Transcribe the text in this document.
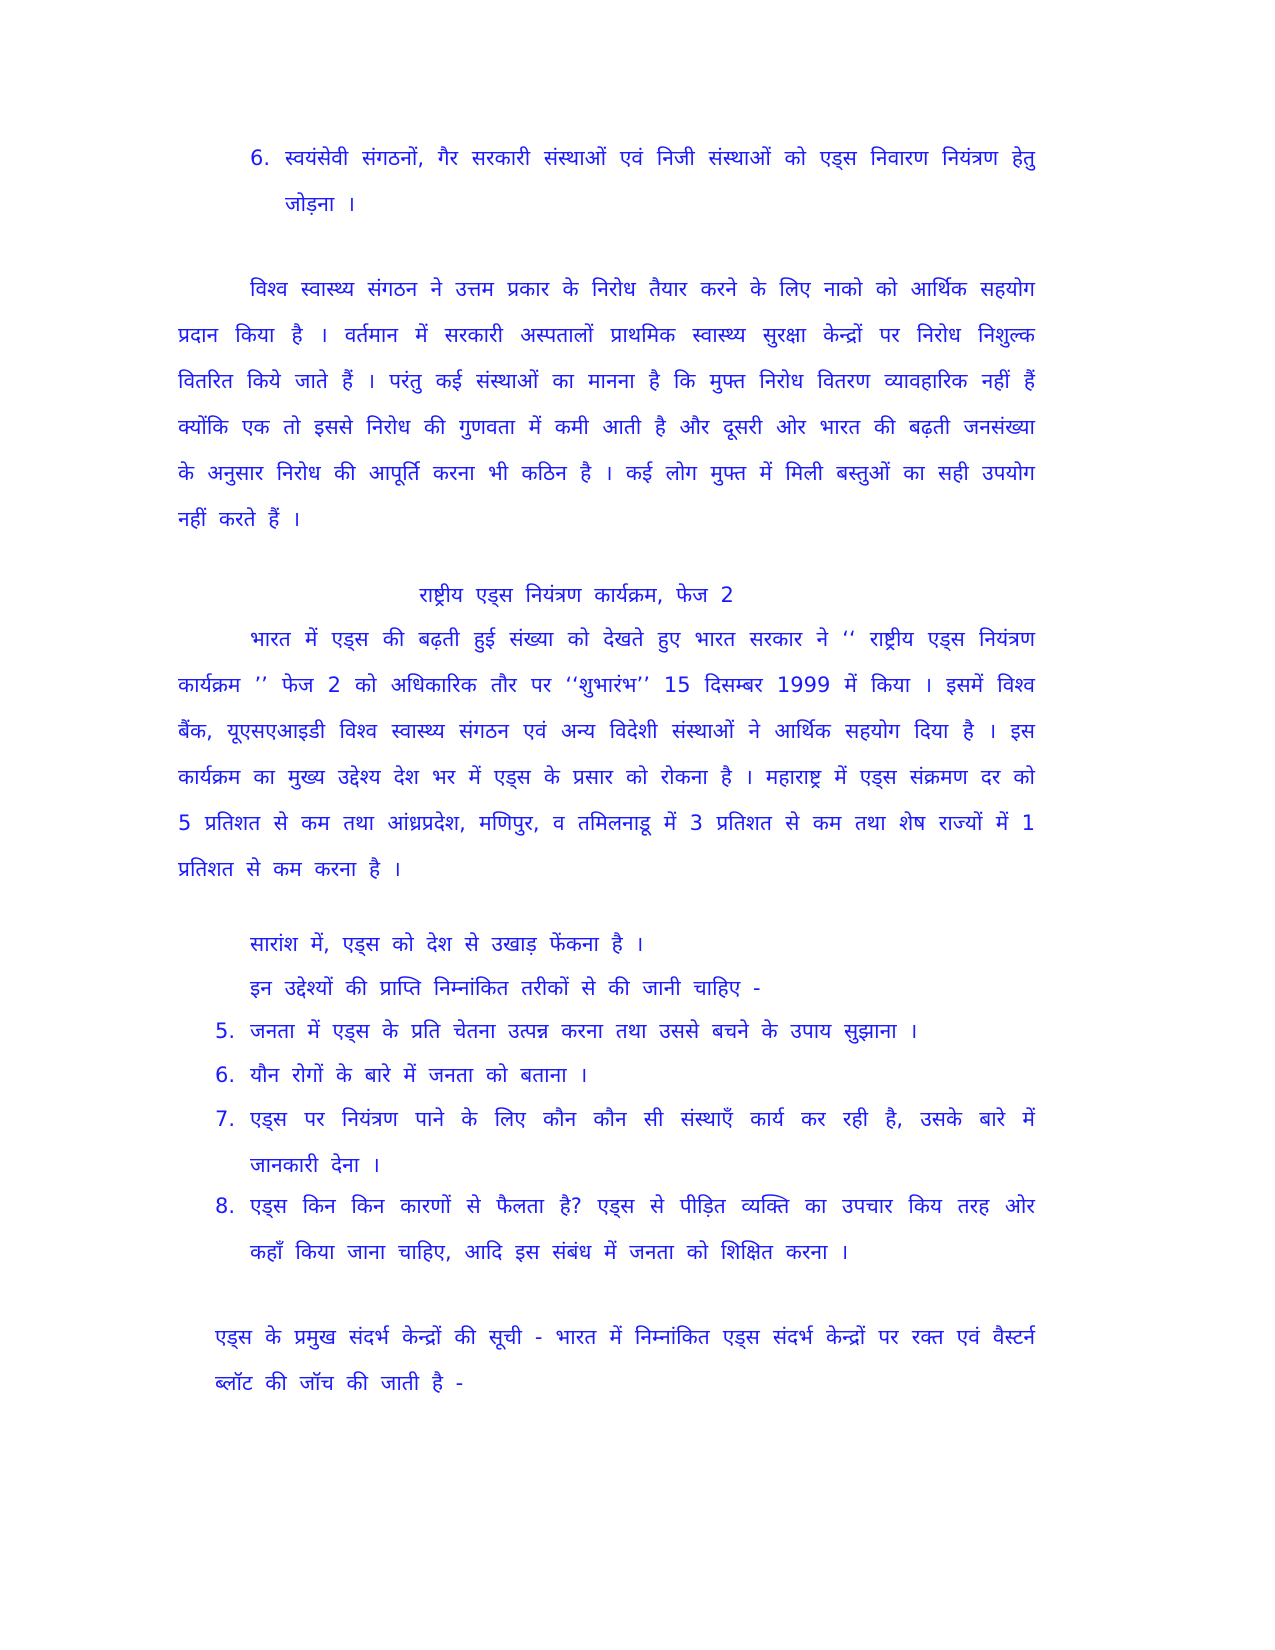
6. स्वयंसेवी संगठनों, गैर सरकारी संस्थाओं एवं निजी संस्थाओं को एड्स निवारण नियंत्रण हेतु जोड़ना ।
विश्व स्वास्थ्य संगठन ने उत्तम प्रकार के निरोध तैयार करने के लिए नाको को आर्थिक सहयोग प्रदान किया है । वर्तमान में सरकारी अस्पतालों प्राथमिक स्वास्थ्य सुरक्षा केन्द्रों पर निरोध निशुल्क वितरित किये जाते हैं । परंतु कई संस्थाओं का मानना है कि मुफ्त निरोध वितरण व्यावहारिक नहीं हैं क्योंकि एक तो इससे निरोध की गुणवता में कमी आती है और दूसरी ओर भारत की बढ़ती जनसंख्या के अनुसार निरोध की आपूर्ति करना भी कठिन है । कई लोग मुफ्त में मिली बस्तुओं का सही उपयोग नहीं करते हैं ।
राष्ट्रीय एड्स नियंत्रण कार्यक्रम, फेज 2
भारत में एड्स की बढ़ती हुई संख्या को देखते हुए भारत सरकार ने ‘‘ राष्ट्रीय एड्स नियंत्रण कार्यक्रम ’’ फेज 2 को अधिकारिक तौर पर ‘‘शुभारंभ’’ 15 दिसम्बर 1999 में किया । इसमें विश्व बैंक, यूएसएआइडी विश्व स्वास्थ्य संगठन एवं अन्य विदेशी संस्थाओं ने आर्थिक सहयोग दिया है । इस कार्यक्रम का मुख्य उद्देश्य देश भर में एड्स के प्रसार को रोकना है । महाराष्ट्र में एड्स संक्रमण दर को 5 प्रतिशत से कम तथा आंध्रप्रदेश, मणिपुर, व तमिलनाडू में 3 प्रतिशत से कम तथा शेष राज्यों में 1 प्रतिशत से कम करना है ।
सारांश में, एड्स को देश से उखाड़ फेंकना है ।
इन उद्देश्यों की प्राप्ति निम्नांकित तरीकों से की जानी चाहिए -
5. जनता में एड्स के प्रति चेतना उत्पन्न करना तथा उससे बचने के उपाय सुझाना ।
6. यौन रोगों के बारे में जनता को बताना ।
7. एड्स पर नियंत्रण पाने के लिए कौन कौन सी संस्थाएँ कार्य कर रही है, उसके बारे में जानकारी देना ।
8. एड्स किन किन कारणों से फैलता है? एड्स से पीड़ित व्यक्ति का उपचार किय तरह ओर कहाँ किया जाना चाहिए, आदि इस संबंध में जनता को शिक्षित करना ।
एड्स के प्रमुख संदर्भ केन्द्रों की सूची - भारत में निम्नांकित एड्स संदर्भ केन्द्रों पर रक्त एवं वैस्टर्न ब्लॉट की जॉच की जाती है -
